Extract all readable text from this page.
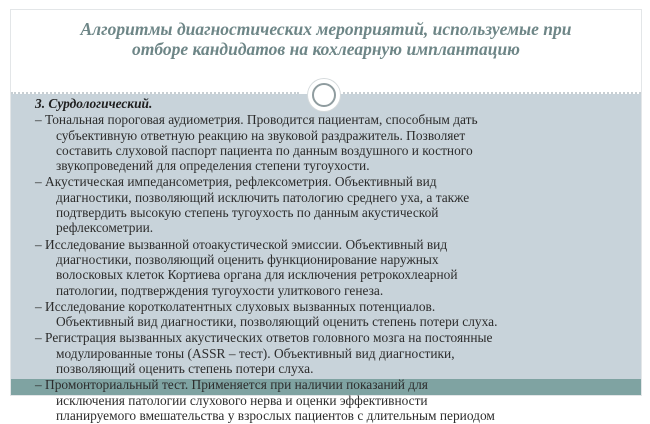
Алгоритмы диагностических мероприятий, используемые при
отборе кандидатов на кохлеарную имплантацию
3. Сурдологический.
– Тональная пороговая аудиометрия. Проводится пациентам, способным дать
субъективную ответную реакцию на звуковой раздражитель. Позволяет
составить слуховой паспорт пациента по данным воздушного и костного
звукопроведений для определения степени тугоухости.
– Акустическая импедансометрия, рефлексометрия. Объективный вид
диагностики, позволяющий исключить патологию среднего уха, а также
подтвердить высокую степень тугоухость по данным акустической
рефлексометрии.
– Исследование вызванной отоакустической эмиссии. Объективный вид
диагностики, позволяющий оценить функционирование наружных
волосковых клеток Кортиева органа для исключения ретрокохлеарной
патологии, подтверждения тугоухости улиткового генеза.
– Исследование коротколатентных слуховых вызванных потенциалов.
Объективный вид диагностики, позволяющий оценить степень потери слуха.
– Регистрация вызванных акустических ответов головного мозга на постоянные
модулированные тоны (ASSR – тест). Объективный вид диагностики,
позволяющий оценить степень потери слуха.
– Промонториальный тест. Применяется при наличии показаний для
исключения патологии слухового нерва и оценки эффективности
планируемого вмешательства у взрослых пациентов с длительным периодом
